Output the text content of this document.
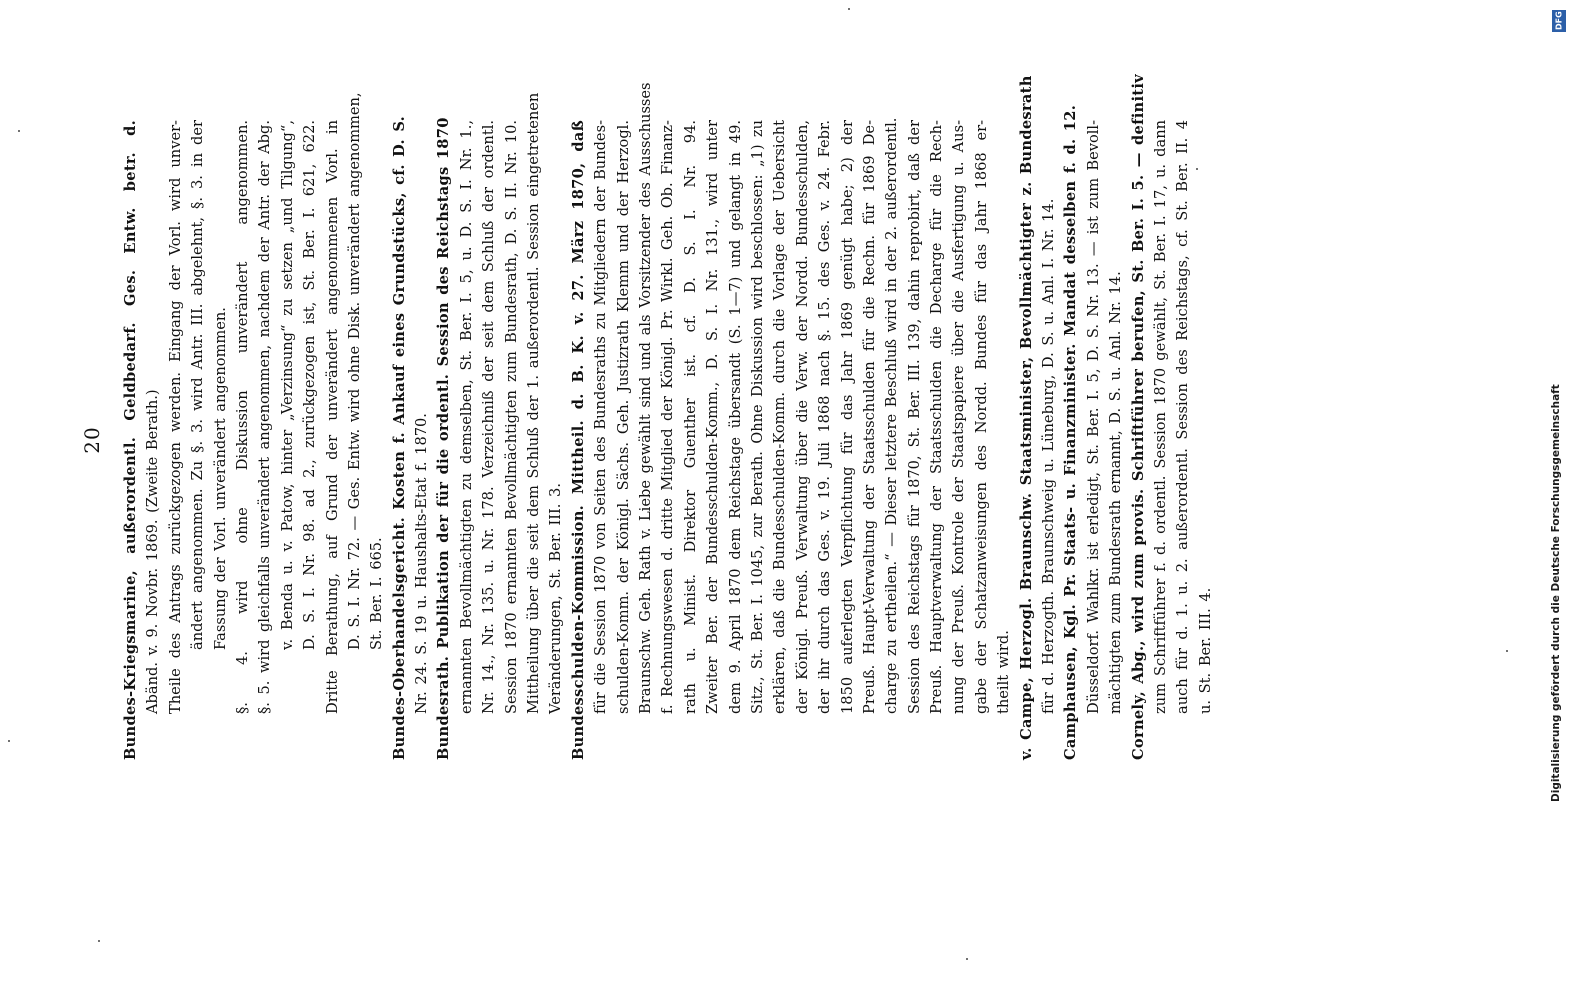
20 Bundes-Kriegsmarine, außerordentl. Geldbedarf. Ges. Entw. betr. d. Abänd. v. 9. Novbr. 1869. (Zweite Berath.) Theile des Antrags zurückgezogen werden. Eingang der Vorl. wird unver- ändert angenommen. Zu §. 3. wird Antr. III. abgelehnt, §. 3. in der Fassung der Vorl. unverändert angenommen. §. 4. wird ohne Diskussion unverändert angenommen. §. 5. wird gleichfalls unverändert angenommen, nachdem der Antr. der Abg. v. Benda u. v. Patow, hinter „Verzinsung“ zu setzen „und Tilgung“, D. S. I. Nr. 98. ad 2., zurückgezogen ist, St. Ber. I. 621, 622. Dritte Berathung, auf Grund der unverändert angenommenen Vorl. in D. S. I. Nr. 72. — Ges. Entw. wird ohne Disk. unverändert angenommen, St. Ber. I. 665. Bundes-Oberhandelsgericht. Kosten f. Ankauf eines Grundstücks, cf. D. S. Nr. 24. S. 19 u. Haushalts-Etat f. 1870. Bundesrath. Publikation der für die ordentl. Session des Reichstags 1870 ernannten Bevollmächtigten zu demselben, St. Ber. I. 5, u. D. S. I. Nr. 1., Nr. 14., Nr. 135. u. Nr. 178. Verzeichniß der seit dem Schluß der ordentl. Session 1870 ernannten Bevollmächtigten zum Bundesrath, D. S. II. Nr. 10. Mittheilung über die seit dem Schluß der 1. außerordentl. Session eingetretenen Veränderungen, St. Ber. III. 3. Bundesschulden-Kommission. Mittheil. d. B. K. v. 27. März 1870, daß für die Session 1870 von Seiten des Bundesraths zu Mitgliedern der Bundes- schulden-Komm. der Königl. Sächs. Geh. Justizrath Klemm und der Herzogl. Braunschw. Geh. Rath v. Liebe gewählt sind und als Vorsitzender des Ausschusses f. Rechnungswesen d. dritte Mitglied der Königl. Pr. Wirkl. Geh. Ob. Finanz- rath u. Minist. Direktor Guenther ist. cf. D. S. I. Nr. 94. Zweiter Ber. der Bundesschulden-Komm., D. S. I. Nr. 131., wird unter dem 9. April 1870 dem Reichstage übersandt (S. 1—7) und gelangt in 49. Sitz., St. Ber. I. 1045, zur Berath. Ohne Diskussion wird beschlossen: „1) zu erklären, daß die Bundesschulden-Komm. durch die Vorlage der Uebersicht der Königl. Preuß. Verwaltung über die Verw. der Nordd. Bundesschulden, der ihr durch das Ges. v. 19. Juli 1868 nach §. 15. des Ges. v. 24. Febr. 1850 auferlegten Verpflichtung für das Jahr 1869 genügt habe; 2) der Preuß. Haupt-Verwaltung der Staatsschulden für die Rechn. für 1869 De- charge zu ertheilen.“ — Dieser letztere Beschluß wird in der 2. außerordentl. Session des Reichstags für 1870, St. Ber. III. 139, dahin reprobirt, daß der Preuß. Hauptverwaltung der Staatsschulden die Decharge für die Rech- nung der Preuß. Kontrole der Staatspapiere über die Ausfertigung u. Aus- gabe der Schatzanweisungen des Nordd. Bundes für das Jahr 1868 er- theilt wird. v. Campe, Herzogl. Braunschw. Staatsminister, Bevollmächtigter z. Bundesrath für d. Herzogth. Braunschweig u. Lüneburg, D. S. u. Anl. I. Nr. 14. Camphausen, Kgl. Pr. Staats- u. Finanzminister. Mandat desselben f. d. 12. Düsseldorf. Wahlkr. ist erledigt, St. Ber. I. 5, D. S. Nr. 13. — ist zum Bevoll- mächtigten zum Bundesrath ernannt, D. S. u. Anl. Nr. 14. Cornely, Abg., wird zum provis. Schriftführer berufen, St. Ber. I. 5. — definitiv zum Schriftführer f. d. ordentl. Session 1870 gewählt, St. Ber. I. 17, u. dann auch für d. 1. u. 2. außerordentl. Session des Reichstags, cf. St. Ber. II. 4 u. St. Ber. III. 4.	Digitalisierung gefördert durch die Deutsche Forschungsgemeinschaft
DFG
